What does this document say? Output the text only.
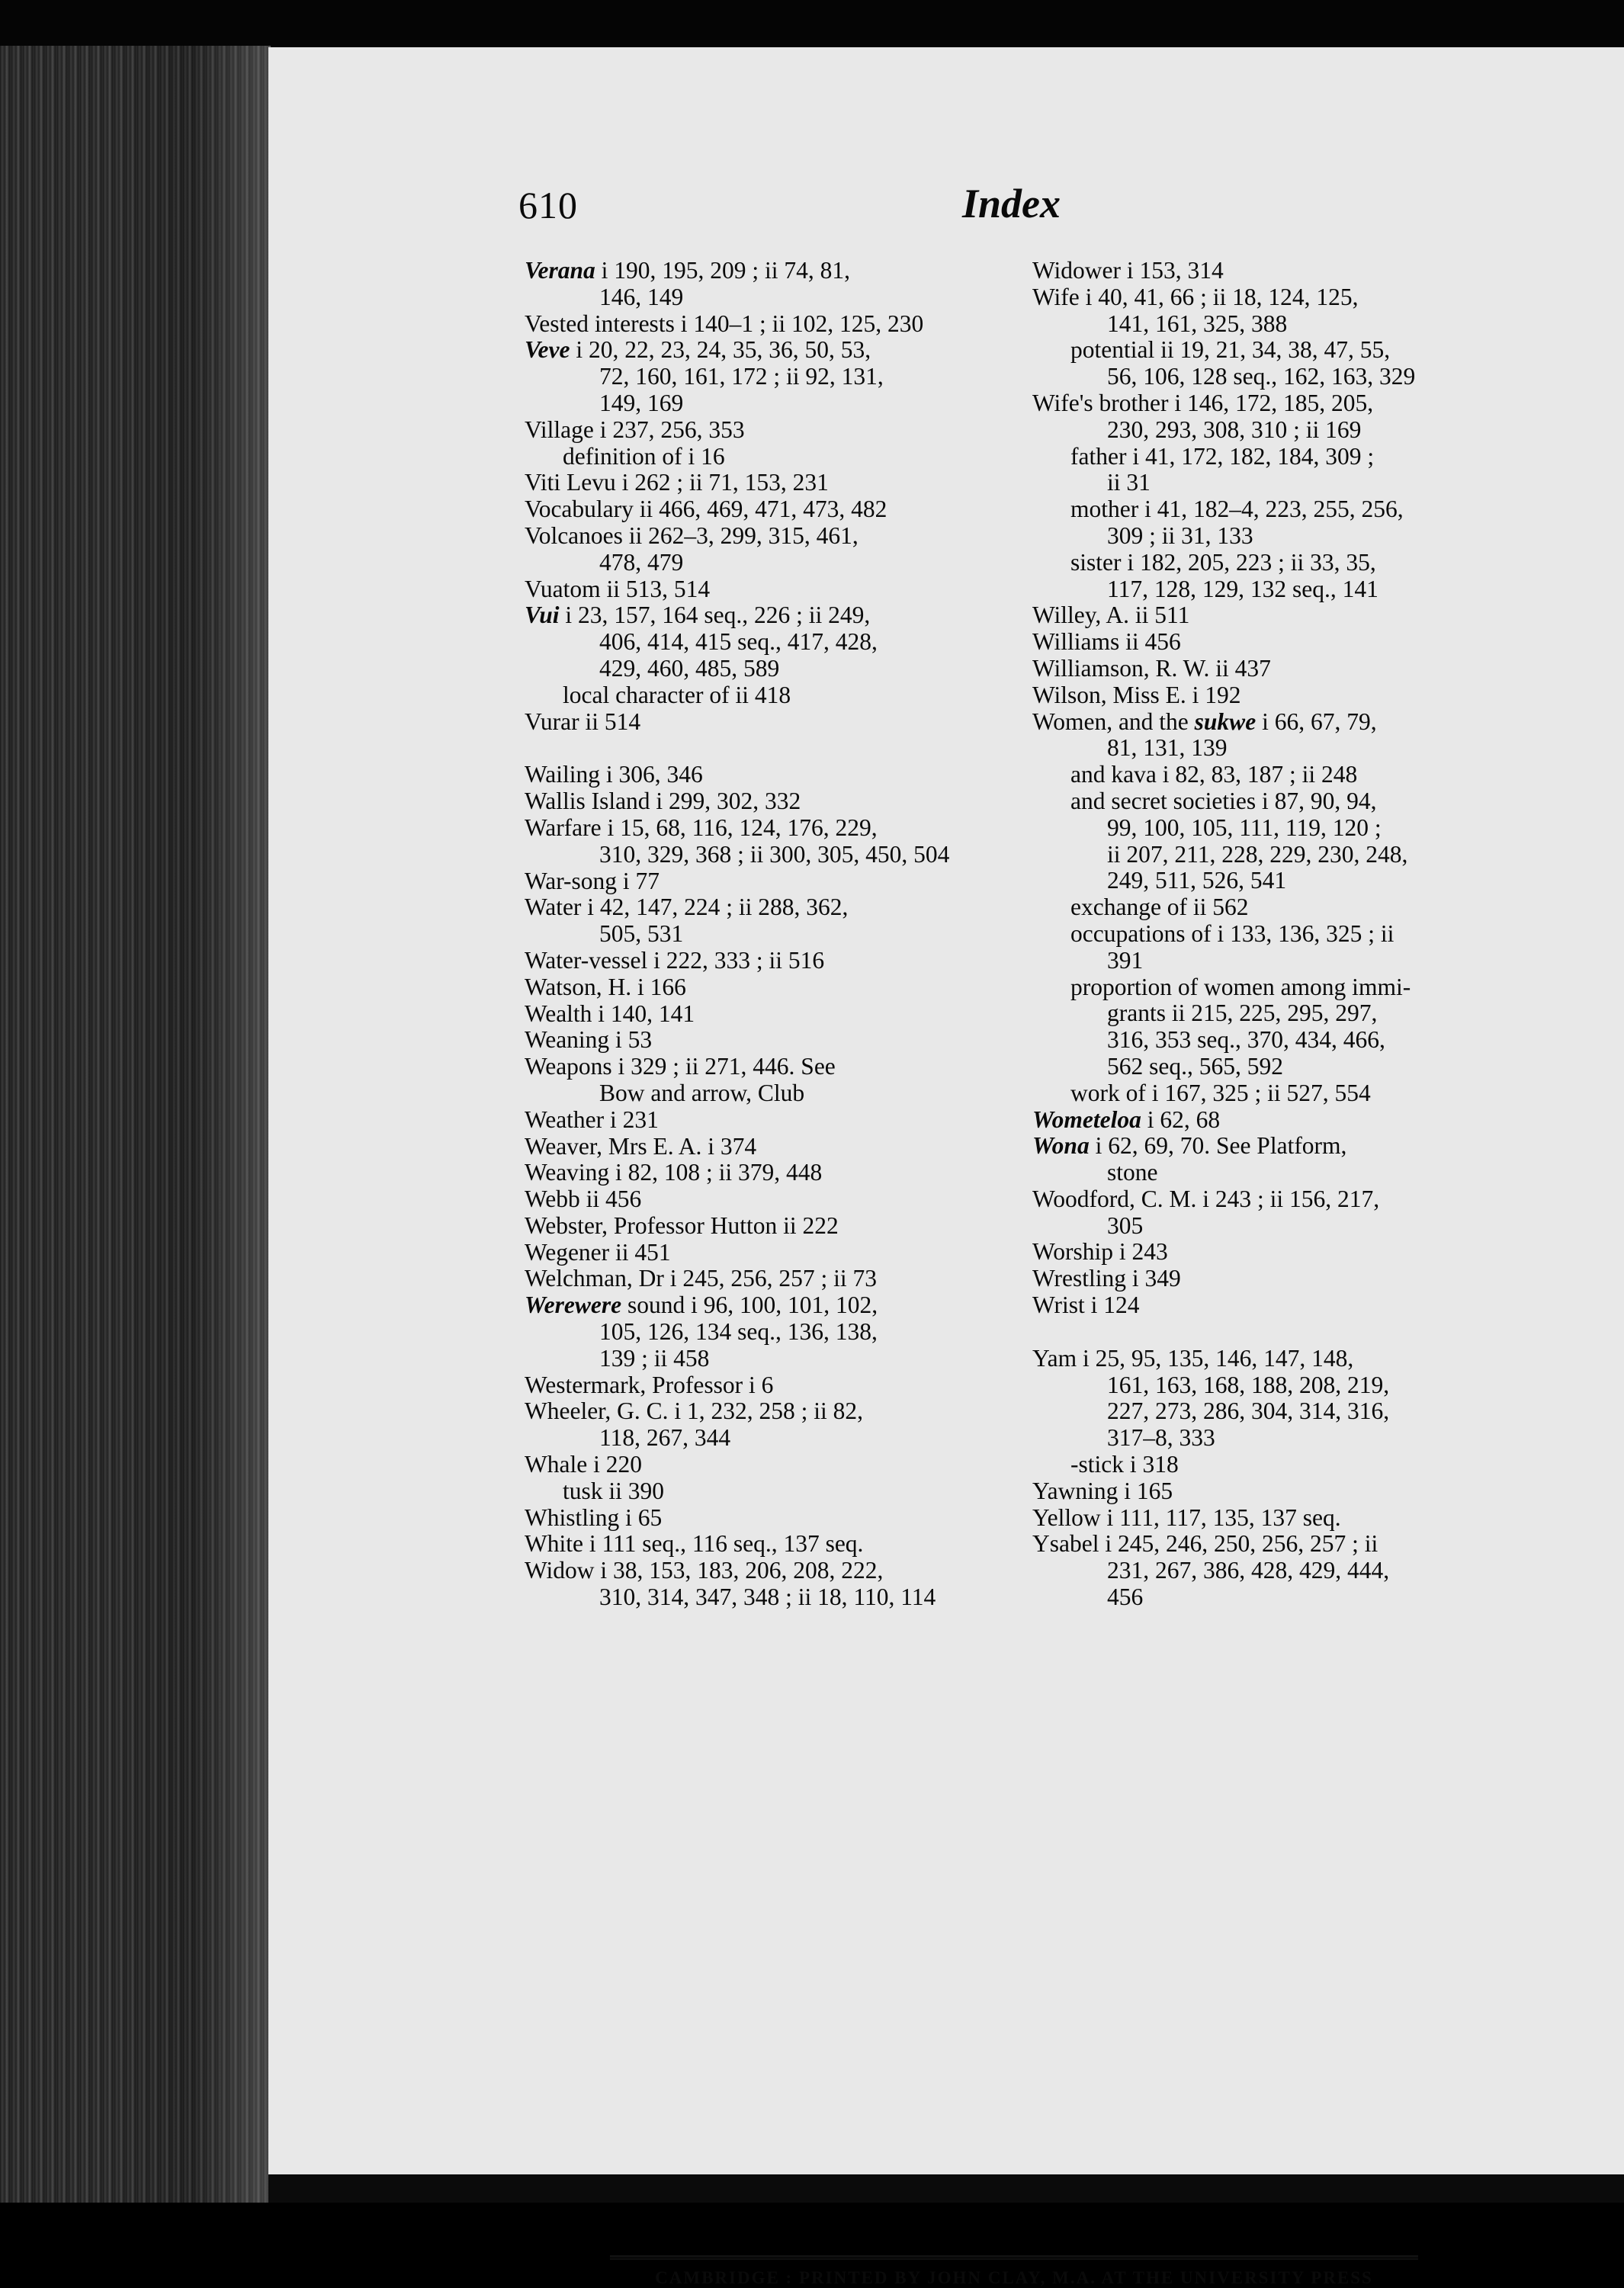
610	Index
Verana i 190, 195, 209 ; ii 74, 81,
146, 149
Vested interests i 140–1 ; ii 102, 125, 230
Veve i 20, 22, 23, 24, 35, 36, 50, 53,
72, 160, 161, 172 ; ii 92, 131,
149, 169
Village i 237, 256, 353
definition of i 16
Viti Levu i 262 ; ii 71, 153, 231
Vocabulary ii 466, 469, 471, 473, 482
Volcanoes ii 262–3, 299, 315, 461,
478, 479
Vuatom ii 513, 514
Vui i 23, 157, 164 seq., 226 ; ii 249,
406, 414, 415 seq., 417, 428,
429, 460, 485, 589
local character of ii 418
Vurar ii 514
Wailing i 306, 346
Wallis Island i 299, 302, 332
Warfare i 15, 68, 116, 124, 176, 229,
310, 329, 368 ; ii 300, 305, 450, 504
War-song i 77
Water i 42, 147, 224 ; ii 288, 362,
505, 531
Water-vessel i 222, 333 ; ii 516
Watson, H. i 166
Wealth i 140, 141
Weaning i 53
Weapons i 329 ; ii 271, 446. See
Bow and arrow, Club
Weather i 231
Weaver, Mrs E. A. i 374
Weaving i 82, 108 ; ii 379, 448
Webb ii 456
Webster, Professor Hutton ii 222
Wegener ii 451
Welchman, Dr i 245, 256, 257 ; ii 73
Werewere sound i 96, 100, 101, 102,
105, 126, 134 seq., 136, 138,
139 ; ii 458
Westermark, Professor i 6
Wheeler, G. C. i 1, 232, 258 ; ii 82,
118, 267, 344
Whale i 220
tusk ii 390
Whistling i 65
White i 111 seq., 116 seq., 137 seq.
Widow i 38, 153, 183, 206, 208, 222,
310, 314, 347, 348 ; ii 18, 110, 114
Widower i 153, 314
Wife i 40, 41, 66 ; ii 18, 124, 125,
141, 161, 325, 388
potential ii 19, 21, 34, 38, 47, 55,
56, 106, 128 seq., 162, 163, 329
Wife's brother i 146, 172, 185, 205,
230, 293, 308, 310 ; ii 169
father i 41, 172, 182, 184, 309 ;
ii 31
mother i 41, 182–4, 223, 255, 256,
309 ; ii 31, 133
sister i 182, 205, 223 ; ii 33, 35,
117, 128, 129, 132 seq., 141
Willey, A. ii 511
Williams ii 456
Williamson, R. W. ii 437
Wilson, Miss E. i 192
Women, and the sukwe i 66, 67, 79,
81, 131, 139
and kava i 82, 83, 187 ; ii 248
and secret societies i 87, 90, 94,
99, 100, 105, 111, 119, 120 ;
ii 207, 211, 228, 229, 230, 248,
249, 511, 526, 541
exchange of ii 562
occupations of i 133, 136, 325 ; ii
391
proportion of women among immi-
grants ii 215, 225, 295, 297,
316, 353 seq., 370, 434, 466,
562 seq., 565, 592
work of i 167, 325 ; ii 527, 554
Wometeloa i 62, 68
Wona i 62, 69, 70. See Platform,
stone
Woodford, C. M. i 243 ; ii 156, 217,
305
Worship i 243
Wrestling i 349
Wrist i 124
Yam i 25, 95, 135, 146, 147, 148,
161, 163, 168, 188, 208, 219,
227, 273, 286, 304, 314, 316,
317–8, 333
-stick i 318
Yawning i 165
Yellow i 111, 117, 135, 137 seq.
Ysabel i 245, 246, 250, 256, 257 ; ii
231, 267, 386, 428, 429, 444,
456
CAMBRIDGE : PRINTED BY JOHN CLAY, M.A. AT THE UNIVERSITY PRESS
